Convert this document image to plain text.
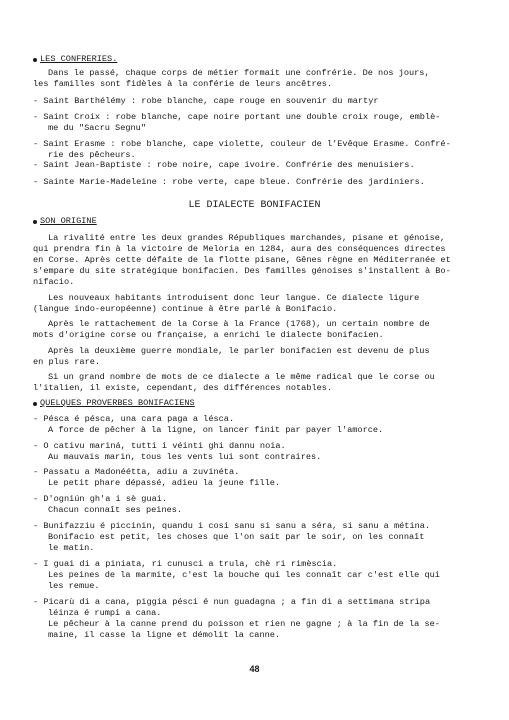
LES CONFRERIES.
Dans le passé, chaque corps de métier formait une confrérie. De nos jours,
les familles sont fidèles à la conférie de leurs ancêtres.
- Saint Barthélémy : robe blanche, cape rouge en souvenir du martyr
- Saint Croix : robe blanche, cape noire portant une double croix rouge, emblè-
me du "Sacru Segnu"
- Saint Erasme : robe blanche, cape violette, couleur de l'Evêque Erasme. Confré-
rie des pêcheurs.
- Saint Jean-Baptiste : robe noire, cape ivoire. Confrérie des menuisiers.
- Sainte Marie-Madeleine : robe verte, cape bleue. Confrérie des jardiniers.
LE DIALECTE BONIFACIEN
SON ORIGINE
La rivalité entre les deux grandes Républiques marchandes, pisane et génoise,
qui prendra fin à la victoire de Meloria en 1284, aura des conséquences directes
en Corse. Après cette défaite de la flotte pisane, Gênes règne en Méditerranée et
s'empare du site stratégique bonifacien. Des familles génoises s'installent à Bo-
nifacio.
Les nouveaux habitants introduisent donc leur langue. Ce dialecte ligure
(langue indo-européenne) continue à être parlé à Bonifacio.
Après le rattachement de la Corse à la France (1768), un certain nombre de
mots d'origine corse ou française, a enrichi le dialecte bonifacien.
Après la deuxième guerre mondiale, le parler bonifacien est devenu de plus
en plus rare.
Si un grand nombre de mots de ce dialecte a le même radical que le corse ou
l'italien, il existe, cependant, des différences notables.
QUELQUES PROVERBES BONIFACIENS
- Pésca é pésca, una cara paga a lésca.
A force de pêcher à la ligne, on lancer finit par payer l'amorce.
- O cativu mariná, tutti i véinti ghi dannu noia.
Au mauvais marin, tous les vents lui sont contraires.
- Passatu a Madonéétta, adiu a zuvinéta.
Le petit phare dépassé, adieu la jeune fille.
- D'ogniún gh'a i sè guai.
Chacun connaît ses peines.
- Bunifazziu é piccinin, quandu i cosi sanu si sanu a séra, si sanu a métina.
Bonifacio est petit, les choses que l'on sait par le soir, on les connaît
le matin.
- I guai di a piniata, ri cunusci a trula, chè ri rimèscia.
Les peines de la marmite, c'est la bouche qui les connaît car c'est elle qui
les remue.
- Picarù di a cana, piggia pésci é nun guadagna ; a fin di a settimana stripa
léinza é rumpi a cana.
Le pêcheur à la canne prend du poisson et rien ne gagne ; à la fin de la se-
maine, il casse la ligne et démolit la canne.
48
